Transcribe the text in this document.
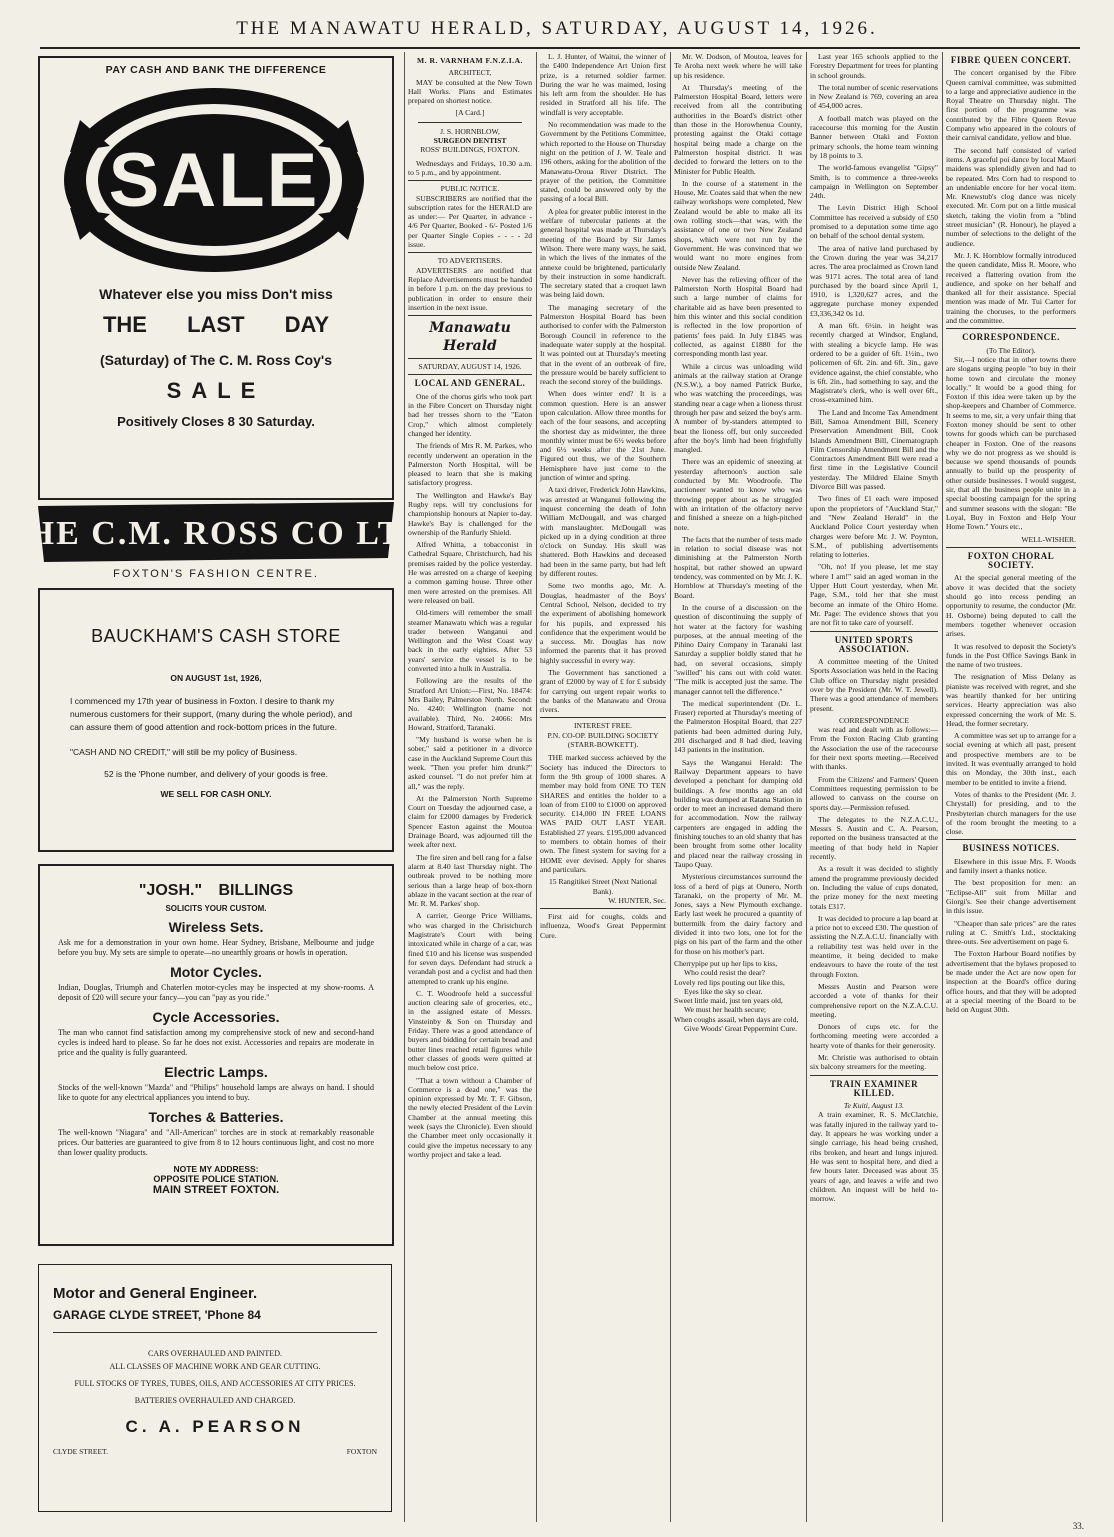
THE MANAWATU HERALD, SATURDAY, AUGUST 14, 1926.
PAY CASH AND BANK THE DIFFERENCE
SALE
Whatever else you miss Don't miss
THE LAST DAY
(Saturday) of The C. M. Ross Coy's
SALE
Positively Closes 8 30 Saturday.
THE C.M. ROSS CO LTD
FOXTON'S FASHION CENTRE.
BAUCKHAM'S CASH STORE
ON AUGUST 1st, 1926,
I commenced my 17th year of business in Foxton. I desire to thank my numerous customers for their support, (many during the whole period), and can assure them of good attention and rock-bottom prices in the future.
"CASH AND NO CREDIT," will still be my policy of Business.
52 is the 'Phone number, and delivery of your goods is free.
WE SELL FOR CASH ONLY.
"JOSH." BILLINGS
SOLICITS YOUR CUSTOM.
Wireless Sets.
Ask me for a demonstration in your own home. Hear Sydney, Brisbane, Melbourne and judge before you buy. My sets are simple to operate—no unearthly groans or howls in operation.
Motor Cycles.
Indian, Douglas, Triumph and Chaterlen motor-cycles may be inspected at my show-rooms. A deposit of £20 will secure your fancy—you can "pay as you ride."
Cycle Accessories.
The man who cannot find satisfaction among my comprehensive stock of new and second-hand cycles is indeed hard to please. So far he does not exist. Accessories and repairs are moderate in price and the quality is fully guaranteed.
Electric Lamps.
Stocks of the well-known "Mazda" and "Philips" household lamps are always on hand. I should like to quote for any electrical appliances you intend to buy.
Torches & Batteries.
The well-known "Niagara" and "All-American" torches are in stock at remarkably reasonable prices. Our batteries are guaranteed to give from 8 to 12 hours continuous light, and cost no more than lower quality products.
NOTE MY ADDRESS:
OPPOSITE POLICE STATION.
MAIN STREET FOXTON.
Motor and General Engineer.
GARAGE CLYDE STREET, 'Phone 84
CARS OVERHAULED AND PAINTED.
ALL CLASSES OF MACHINE WORK AND GEAR CUTTING.
FULL STOCKS OF TYRES, TUBES, OILS, AND ACCESSORIES AT CITY PRICES.
BATTERIES OVERHAULED AND CHARGED.
C. A. PEARSON
CLYDE STREET.	FOXTON
M. R. VARNHAM F.N.Z.I.A.
ARCHITECT,

MAY be consulted at the New Town Hall Works. Plans and Estimates prepared on shortest notice.

[A Card.]
J. S. HORNBLOW,
SURGEON DENTIST
ROSS' BUILDINGS, FOXTON.

Wednesdays and Fridays, 10.30 a.m. to 5 p.m., and by appointment.

PUBLIC NOTICE.

SUBSCRIBERS are notified that the subscription rates for the HERALD are as under:— Per Quarter, in advance - 4/6 Per Quarter, Booked - 6/- Posted 1/6 per Quarter Single Copies - - - - 2d issue.

TO ADVERTISERS.

ADVERTISERS are notified that Replace Advertisements must be handed in before 1 p.m. on the day previous to publication in order to ensure their insertion in the next issue.

Manawatu Herald
SATURDAY, AUGUST 14, 1926.
LOCAL AND GENERAL.

One of the chorus girls who took part in the Fibre Concert on Thursday night had her tresses shorn to the "Eaton Crop," which almost completely changed her identity.

The friends of Mrs R. M. Parkes, who recently underwent an operation in the Palmerston North Hospital, will be pleased to learn that she is making satisfactory progress.

The Wellington and Hawke's Bay Rugby reps. will try conclusions for championship honours at Napier to-day. Hawke's Bay is challenged for the ownership of the Ranfurly Shield.

Alfred Whitta, a tobacconist in Cathedral Square, Christchurch, had his premises raided by the police yesterday. He was arrested on a charge of keeping a common gaming house. Three other men were arrested on the premises. All were released on bail.

Old-timers will remember the small steamer Manawatu which was a regular trader between Wanganui and Wellington and the West Coast way back in the early eighties. After 53 years' service the vessel is to be converted into a hulk in Australia.

Following are the results of the Stratford Art Union:—First, No. 18474: Mrs Bailey, Palmerston North. Second: No. 4240: Wellington (name not available). Third, No. 24066: Mrs Howard, Stratford, Taranaki.

"My husband is worse when he is sober," said a petitioner in a divorce case in the Auckland Supreme Court this week. "Then you prefer him drunk?" asked counsel. "I do not prefer him at all," was the reply.

At the Palmerston North Supreme Court on Tuesday the adjourned case, a claim for £2000 damages by Frederick Spencer Easton against the Moutoa Drainage Board, was adjourned till the week after next.

The fire siren and bell rang for a false alarm at 8.40 last Thursday night. The outbreak proved to be nothing more serious than a large heap of box-thorn ablaze in the vacant section at the rear of Mr. R. M. Parkes' shop.

A carrier, George Price Williams, who was charged in the Christchurch Magistrate's Court with being intoxicated while in charge of a car, was fined £10 and his license was suspended for seven days. Defendant had struck a verandah post and a cyclist and had then attempted to crank up his engine.

C. T. Woodroofe held a successful auction clearing sale of groceries, etc., in the assigned estate of Messrs. Vinsteinby & Son on Thursday and Friday. There was a good attendance of buyers and bidding for certain bread and butter lines reached retail figures while other classes of goods were quitted at much below cost price.

"That a town without a Chamber of Commerce is a dead one," was the opinion expressed by Mr. T. F. Gibson, the newly elected President of the Levin Chamber at the annual meeting this week (says the Chronicle). Even should the Chamber meet only occasionally it could give the impetus necessary to any worthy project and take a lead.

L. J. Hunter, of Waitui, the winner of the £400 Independence Art Union first prize, is a returned soldier farmer. During the war he was maimed, losing his left arm from the shoulder. He has resided in Stratford all his life. The windfall is very acceptable.

No recommendation was made to the Government by the Petitions Committee, which reported to the House on Thursday night on the petition of J. W. Teale and 196 others, asking for the abolition of the Manawatu-Oroua River District. The prayer of the petition, the Committee stated, could be answered only by the passing of a local Bill.

A plea for greater public interest in the welfare of tubercular patients at the general hospital was made at Thursday's meeting of the Board by Sir James Wilson. There were many ways, he said, in which the lives of the inmates of the annexe could be brightened, particularly by their instruction in some handicraft. The secretary stated that a croquet lawn was being laid down.

The managing secretary of the Palmerston Hospital Board has been authorised to confer with the Palmerston Borough Council in reference to the inadequate water supply at the hospital. It was pointed out at Thursday's meeting that in the event of an outbreak of fire, the pressure would be barely sufficient to reach the second storey of the buildings.

When does winter end? It is a common question. Here is an answer upon calculation. Allow three months for each of the four seasons, and accepting the shortest day as midwinter, the three monthly winter must be 6½ weeks before and 6½ weeks after the 21st June. Figured out thus, we of the Southern Hemisphere have just come to the junction of winter and spring.

A taxi driver, Frederick John Hawkins, was arrested at Wanganui following the inquest concerning the death of John William McDougall, and was charged with manslaughter. McDougall was picked up in a dying condition at three o'clock on Sunday. His skull was shattered. Both Hawkins and deceased had been in the same party, but had left by different routes.

Some two months ago, Mr. A. Douglas, headmaster of the Boys' Central School, Nelson, decided to try the experiment of abolishing homework for his pupils, and expressed his confidence that the experiment would be a success. Mr. Douglas has now informed the parents that it has proved highly successful in every way.

The Government has sanctioned a grant of £2000 by way of £ for £ subsidy for carrying out urgent repair works to the banks of the Manawatu and Oroua rivers.

INTEREST FREE.
P.N. CO-OP. BUILDING SOCIETY (STARR-BOWKETT).

THE marked success achieved by the Society has induced the Directors to form the 9th group of 1000 shares. A member may hold from ONE TO TEN SHARES and entitles the holder to a loan of from £100 to £1000 on approved security. £14,000 IN FREE LOANS WAS PAID OUT LAST YEAR. Established 27 years. £195,000 advanced to members to obtain homes of their own. The finest system for saving for a HOME ever devised. Apply for shares and particulars.

15 Rangitikei Street (Next National Bank).
W. HUNTER, Sec.

First aid for coughs, colds and influenza, Wood's Great Peppermint Cure.

Mr. W. Dodson, of Moutoa, leaves for Te Aroha next week where he will take up his residence.

At Thursday's meeting of the Palmerston Hospital Board, letters were received from all the contributing authorities in the Board's district other than those in the Horowhenua County, protesting against the Otaki cottage hospital being made a charge on the Palmerston hospital district. It was decided to forward the letters on to the Minister for Public Health.

In the course of a statement in the House, Mr. Coates said that when the new railway workshops were completed, New Zealand would be able to make all its own rolling stock—that was, with the assistance of one or two New Zealand shops, which were not run by the Government. He was convinced that we would want no more engines from outside New Zealand.

Never has the relieving officer of the Palmerston North Hospital Board had such a large number of claims for charitable aid as have been presented to him this winter and this social condition is reflected in the low proportion of patients' fees paid. In July £1845 was collected, as against £1880 for the corresponding month last year.

While a circus was unloading wild animals at the railway station at Orange (N.S.W.), a boy named Patrick Burke, who was watching the proceedings, was standing near a cage when a lioness thrust through her paw and seized the boy's arm. A number of by-standers attempted to beat the lioness off, but only succeeded after the boy's limb had been frightfully mangled.

There was an epidemic of sneezing at yesterday afternoon's auction sale conducted by Mr. Woodroofe. The auctioneer wanted to know who was throwing pepper about as he struggled with an irritation of the olfactory nerve and finished a sneeze on a high-pitched note.

The facts that the number of tests made in relation to social disease was not diminishing at the Palmerston North hospital, but rather showed an upward tendency, was commented on by Mr. J. K. Hornblow at Thursday's meeting of the Board.

In the course of a discussion on the question of discontinuing the supply of hot water at the factory for washing purposes, at the annual meeting of the Pihino Dairy Company in Taranaki last Saturday a supplier boldly stated that he had, on several occasions, simply "swilled" his cans out with cold water. "The milk is accepted just the same. The manager cannot tell the difference."

The medical superintendent (Dr. L. Fraser) reported at Thursday's meeting of the Palmerston Hospital Board, that 227 patients had been admitted during July, 201 discharged and 8 had died, leaving 143 patients in the institution.

Says the Wanganui Herald: The Railway Department appears to have developed a penchant for dumping old buildings. A few months ago an old building was dumped at Ratana Station in order to meet an increased demand there for accommodation. Now the railway carpenters are engaged in adding the finishing touches to an old shanty that has been brought from some other locality and placed near the railway crossing in Taupo Quay.

Mysterious circumstances surround the loss of a herd of pigs at Ounero, North Taranaki, on the property of Mr. M. Jones, says a New Plymouth exchange. Early last week he procured a quantity of buttermilk from the dairy factory and divided it into two lots, one lot for the pigs on his part of the farm and the other for those on his mother's part.

Cherrypipe put up her lips to kiss,
Who could resist the dear?
Lovely red lips pouting out like this,
Eyes like the sky so clear.
Sweet little maid, just ten years old,
We must her health secure;
When coughs assail, when days are cold,
Give Woods' Great Peppermint Cure.

Last year 165 schools applied to the Forestry Department for trees for planting in school grounds.

The total number of scenic reservations in New Zealand is 769, covering an area of 454,000 acres.

A football match was played on the racecourse this morning for the Austin Banner between Otaki and Foxton primary schools, the home team winning by 18 points to 3.

The world-famous evangelist "Gipsy" Smith, is to commence a three-weeks campaign in Wellington on September 24th.

The Levin District High School Committee has received a subsidy of £50 promised to a deputation some time ago on behalf of the school dental system.

The area of native land purchased by the Crown during the year was 34,217 acres. The area proclaimed as Crown land was 9171 acres. The total area of land purchased by the board since April 1, 1910, is 1,320,627 acres, and the aggregate purchase money expended £3,336,342 0s 1d.

A man 6ft. 6½in. in height was recently charged at Windsor, England, with stealing a bicycle lamp. He was ordered to be a guider of 6ft. 1½in., two policemen of 6ft. 2in. and 6ft. 3in., gave evidence against, the chief constable, who is 6ft. 2in., had something to say, and the Magistrate's clerk, who is well over 6ft., cross-examined him.

The Land and Income Tax Amendment Bill, Samoa Amendment Bill, Scenery Preservation Amendment Bill, Cook Islands Amendment Bill, Cinematograph Film Censorship Amendment Bill and the Contractors Amendment Bill were read a first time in the Legislative Council yesterday. The Mildred Elaine Smyth Divorce Bill was passed.

Two fines of £1 each were imposed upon the proprietors of "Auckland Star," and "New Zealand Herald" in the Auckland Police Court yesterday when charges were before Mr. J. W. Poynton, S.M., of publishing advertisements relating to lotteries.

"Oh, no! If you please, let me stay where I am!" said an aged woman in the Upper Hutt Court yesterday, when Mr. Page, S.M., told her that she must become an inmate of the Ohiro Home. Mr. Page: The evidence shows that you are not fit to take care of yourself.

UNITED SPORTS ASSOCIATION.

A committee meeting of the United Sports Association was held in the Racing Club office on Thursday night presided over by the President (Mr. W. T. Jewell). There was a good attendance of members present.

CORRESPONDENCE

was read and dealt with as follows:— From the Foxton Racing Club granting the Association the use of the racecourse for their next sports meeting.—Received with thanks.

From the Citizens' and Farmers' Queen Committees requesting permission to be allowed to canvass on the course on sports day.—Permission refused.

The delegates to the N.Z.A.C.U., Messrs S. Austin and C. A. Pearson, reported on the business transacted at the meeting of that body held in Napier recently.

As a result it was decided to slightly amend the programme previously decided on. Including the value of cups donated, the prize money for the next meeting totals £317.

It was decided to procure a lap board at a price not to exceed £30. The question of assisting the N.Z.A.C.U. financially with a reliability test was held over in the meantime, it being decided to make endeavours to have the route of the test through Foxton.

Messrs Austin and Pearson were accorded a vote of thanks for their comprehensive report on the N.Z.A.C.U. meeting.

Donors of cups etc. for the forthcoming meeting were accorded a hearty vote of thanks for their generosity.

Mr. Christie was authorised to obtain six balcony streamers for the meeting.

TRAIN EXAMINER KILLED.
Te Kuiti, August 13.

A train examiner, R. S. McClatchie, was fatally injured in the railway yard to-day. It appears he was working under a single carriage, his head being crushed, ribs broken, and heart and lungs injured. He was sent to hospital here, and died a few hours later. Deceased was about 35 years of age, and leaves a wife and two children. An inquest will be held to-morrow.

FIBRE QUEEN CONCERT.

The concert organised by the Fibre Queen carnival committee, was submitted to a large and appreciative audience in the Royal Theatre on Thursday night. The first portion of the programme was contributed by the Fibre Queen Revue Company who appeared in the colours of their carnival candidate, yellow and blue.

The second half consisted of varied items. A graceful poi dance by local Maori maidens was splendidly given and had to be repeated. Mrs Corn had to respond to an undeniable encore for her vocal item. Mr. Knewstub's clog dance was nicely executed. Mr. Corn put on a little musical sketch, taking the violin from a "blind street musician" (R. Honour), he played a number of selections to the delight of the audience.

Mr. J. K. Hornblow formally introduced the queen candidate, Miss R. Moore, who received a flattering ovation from the audience, and spoke on her behalf and thanked all for their assistance. Special mention was made of Mr. Tui Carter for training the choruses, to the performers and the committee.

CORRESPONDENCE.
(To The Editor).

Sir,—I notice that in other towns there are slogans urging people "to buy in their home town and circulate the money locally." It would be a good thing for Foxton if this idea were taken up by the shop-keepers and Chamber of Commerce. It seems to me, sir, a very unfair thing that Foxton money should be sent to other towns for goods which can be purchased cheaper in Foxton. One of the reasons why we do not progress as we should is because we spend thousands of pounds annually to build up the prosperity of other outside businesses. I would suggest, sir, that all the business people unite in a special boosting campaign for the spring and summer seasons with the slogan: "Be Loyal, Buy in Foxton and Help Your Home Town." Yours etc.,

WELL-WISHER.
FOXTON CHORAL SOCIETY.

At the special general meeting of the above it was decided that the society should go into recess pending an opportunity to resume, the conductor (Mr. H. Osborne) being deputed to call the members together whenever occasion arises.

It was resolved to deposit the Society's funds in the Post Office Savings Bank in the name of two trustees.

The resignation of Miss Delany as pianiste was received with regret, and she was heartily thanked for her untiring services. Hearty appreciation was also expressed concerning the work of Mr. S. Head, the former secretary.

A committee was set up to arrange for a social evening at which all past, present and prospective members are to be invited. It was eventually arranged to hold this on Monday, the 30th inst., each member to be entitled to invite a friend.

Votes of thanks to the President (Mr. J. Chrystall) for presiding, and to the Presbyterian church managers for the use of the room brought the meeting to a close.

BUSINESS NOTICES.

Elsewhere in this issue Mrs. F. Woods and family insert a thanks notice.

The best proposition for men: an "Eclipse-All" suit from Millar and Giorgi's. See their change advertisement in this issue.

"Cheaper than sale prices" are the rates ruling at C. Smith's Ltd., stocktaking three-outs. See advertisement on page 6.

The Foxton Harbour Board notifies by advertisement that the bylaws proposed to be made under the Act are now open for inspection at the Board's office during office hours, and that they will be adopted at a special meeting of the Board to be held on August 30th.

33.
